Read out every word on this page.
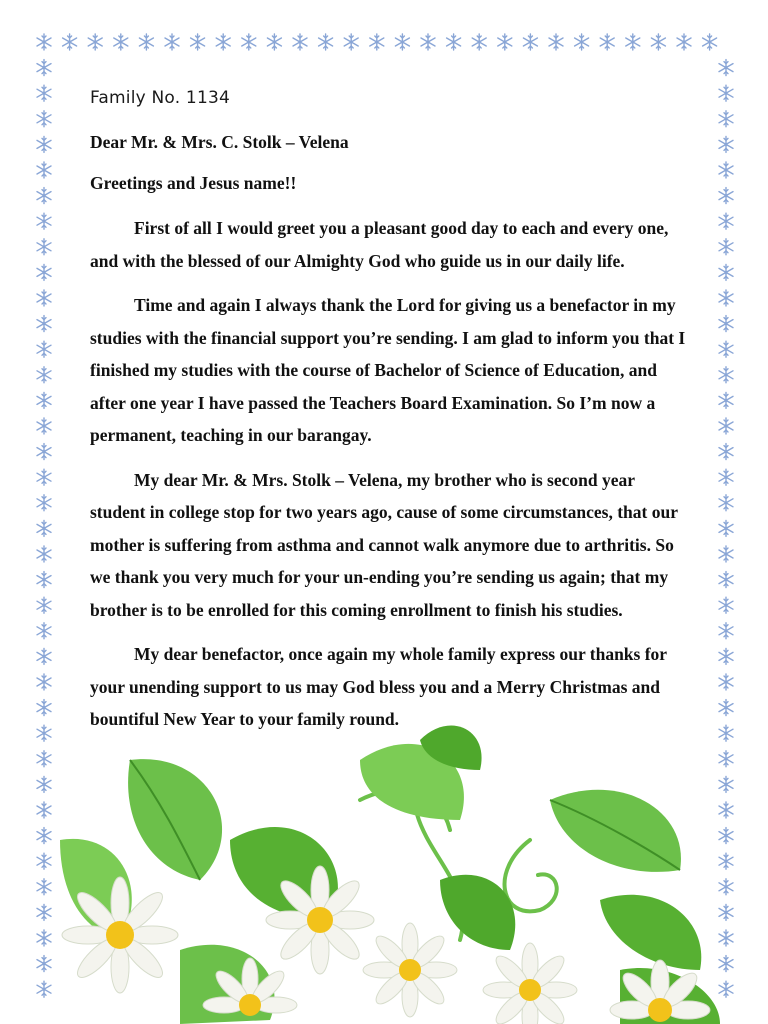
Family No. 1134

Dear Mr. & Mrs. C. Stolk – Velena

Greetings and Jesus name!!

First of all I would greet you a pleasant good day to each and every one, and with the blessed of our Almighty God who guide us in our daily life.

Time and again I always thank the Lord for giving us a benefactor in my studies with the financial support you’re sending. I am glad to inform you that I finished my studies with the course of Bachelor of Science of Education, and after one year I have passed the Teachers Board Examination. So I’m now a permanent, teaching in our barangay.

My dear Mr. & Mrs. Stolk – Velena, my brother who is second year student in college stop for two years ago, cause of some circumstances, that our mother is suffering from asthma and cannot walk anymore due to arthritis. So we thank you very much for your un-ending you’re sending us again; that my brother is to be enrolled for this coming enrollment to finish his studies.

My dear benefactor, once again my whole family express our thanks for your unending support to us may God bless you and a Merry Christmas and bountiful New Year to your family round.
